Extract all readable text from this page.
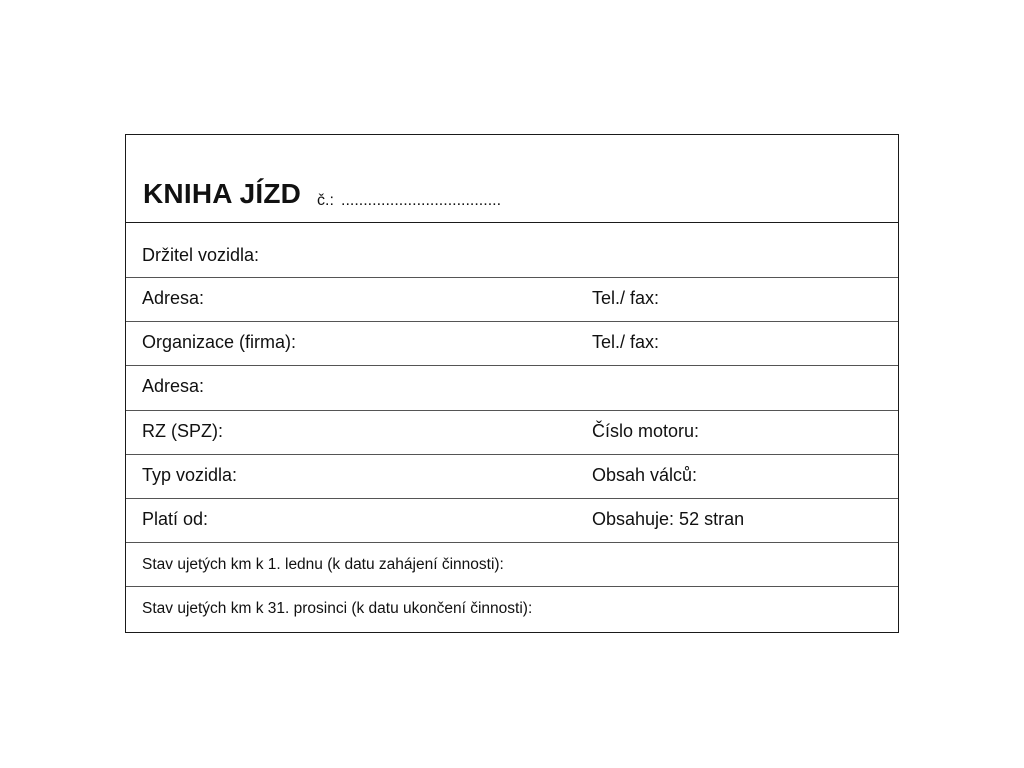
KNIHA JÍZD č.: ....................................
Držitel vozidla:
Adresa:	Tel./ fax:
Organizace (firma):	Tel./ fax:
Adresa:
RZ (SPZ):	Číslo motoru:
Typ vozidla:	Obsah válců:
Platí od:	Obsahuje: 52 stran
Stav ujetých km k 1. lednu (k datu zahájení činnosti):
Stav ujetých km k 31. prosinci (k datu ukončení činnosti):
